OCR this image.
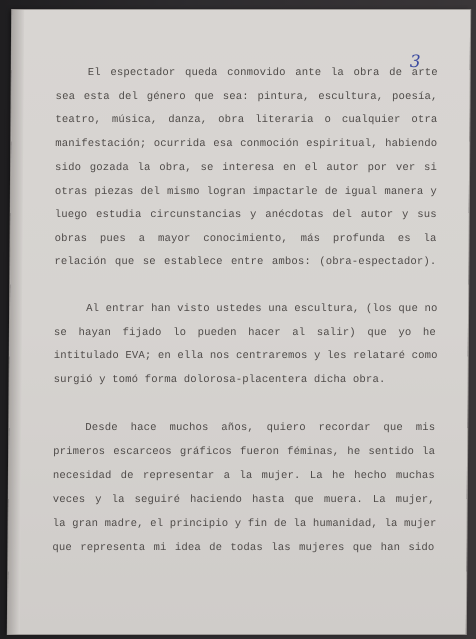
3
El espectador queda conmovido ante la obra de arte
sea esta del género que sea: pintura, escultura, poesía,
teatro, música, danza, obra literaria o cualquier otra
manifestación; ocurrida esa conmoción espiritual, habiendo
sido gozada la obra, se interesa en el autor por ver si
otras piezas del mismo logran impactarle de igual manera y
luego estudia circunstancias y anécdotas del autor y sus
obras pues a mayor conocimiento, más profunda es la
relación que se establece entre ambos: (obra-espectador).
Al entrar han visto ustedes una escultura, (los que no
se hayan fijado lo pueden hacer al salir) que yo he
intitulado EVA; en ella nos centraremos y les relataré como
surgió y tomó forma dolorosa-placentera dicha obra.
Desde hace muchos años, quiero recordar que mis
primeros escarceos gráficos fueron féminas, he sentido la
necesidad de representar a la mujer. La he hecho muchas
veces y la seguiré haciendo hasta que muera. La mujer,
la gran madre, el principio y fin de la humanidad, la mujer
que representa mi idea de todas las mujeres que han sido
